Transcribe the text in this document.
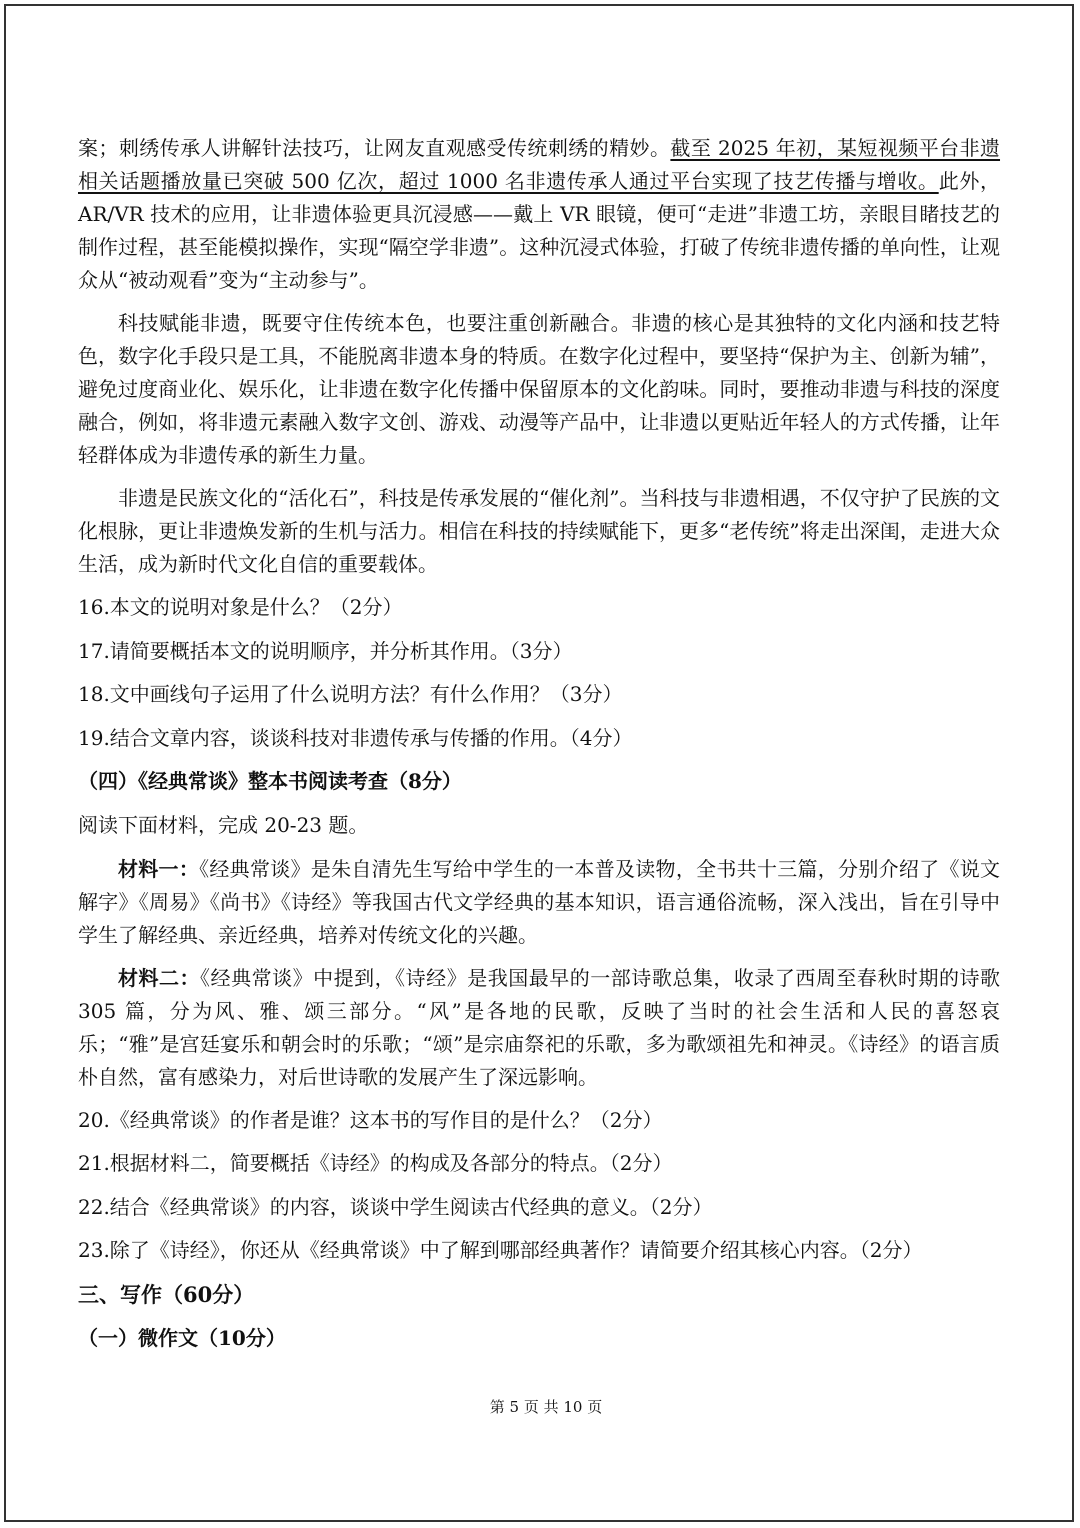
案；刺绣传承人讲解针法技巧，让网友直观感受传统刺绣的精妙。截至 2025 年初，某短视频平台非遗相关话题播放量已突破 500 亿次，超过 1000 名非遗传承人通过平台实现了技艺传播与增收。此外，AR/VR 技术的应用，让非遗体验更具沉浸感——戴上 VR 眼镜，便可“走进”非遗工坊，亲眼目睹技艺的制作过程，甚至能模拟操作，实现“隔空学非遗”。这种沉浸式体验，打破了传统非遗传播的单向性，让观众从“被动观看”变为“主动参与”。

科技赋能非遗，既要守住传统本色，也要注重创新融合。非遗的核心是其独特的文化内涵和技艺特色，数字化手段只是工具，不能脱离非遗本身的特质。在数字化过程中，要坚持“保护为主、创新为辅”，避免过度商业化、娱乐化，让非遗在数字化传播中保留原本的文化韵味。同时，要推动非遗与科技的深度融合，例如，将非遗元素融入数字文创、游戏、动漫等产品中，让非遗以更贴近年轻人的方式传播，让年轻群体成为非遗传承的新生力量。

非遗是民族文化的“活化石”，科技是传承发展的“催化剂”。当科技与非遗相遇，不仅守护了民族的文化根脉，更让非遗焕发新的生机与活力。相信在科技的持续赋能下，更多“老传统”将走出深闺，走进大众生活，成为新时代文化自信的重要载体。

16.本文的说明对象是什么？（2分）

17.请简要概括本文的说明顺序，并分析其作用。（3分）

18.文中画线句子运用了什么说明方法？有什么作用？（3分）

19.结合文章内容，谈谈科技对非遗传承与传播的作用。（4分）

（四）《经典常谈》整本书阅读考查（8分）

阅读下面材料，完成 20-23 题。

材料一：《经典常谈》是朱自清先生写给中学生的一本普及读物，全书共十三篇，分别介绍了《说文解字》《周易》《尚书》《诗经》等我国古代文学经典的基本知识，语言通俗流畅，深入浅出，旨在引导中学生了解经典、亲近经典，培养对传统文化的兴趣。

材料二：《经典常谈》中提到，《诗经》是我国最早的一部诗歌总集，收录了西周至春秋时期的诗歌 305 篇，分为风、雅、颂三部分。“风”是各地的民歌，反映了当时的社会生活和人民的喜怒哀乐；“雅”是宫廷宴乐和朝会时的乐歌；“颂”是宗庙祭祀的乐歌，多为歌颂祖先和神灵。《诗经》的语言质朴自然，富有感染力，对后世诗歌的发展产生了深远影响。

20.《经典常谈》的作者是谁？这本书的写作目的是什么？（2分）

21.根据材料二，简要概括《诗经》的构成及各部分的特点。（2分）

22.结合《经典常谈》的内容，谈谈中学生阅读古代经典的意义。（2分）

23.除了《诗经》，你还从《经典常谈》中了解到哪部经典著作？请简要介绍其核心内容。（2分）

三、写作（60分）

（一）微作文（10分）

第 5 页 共 10 页
